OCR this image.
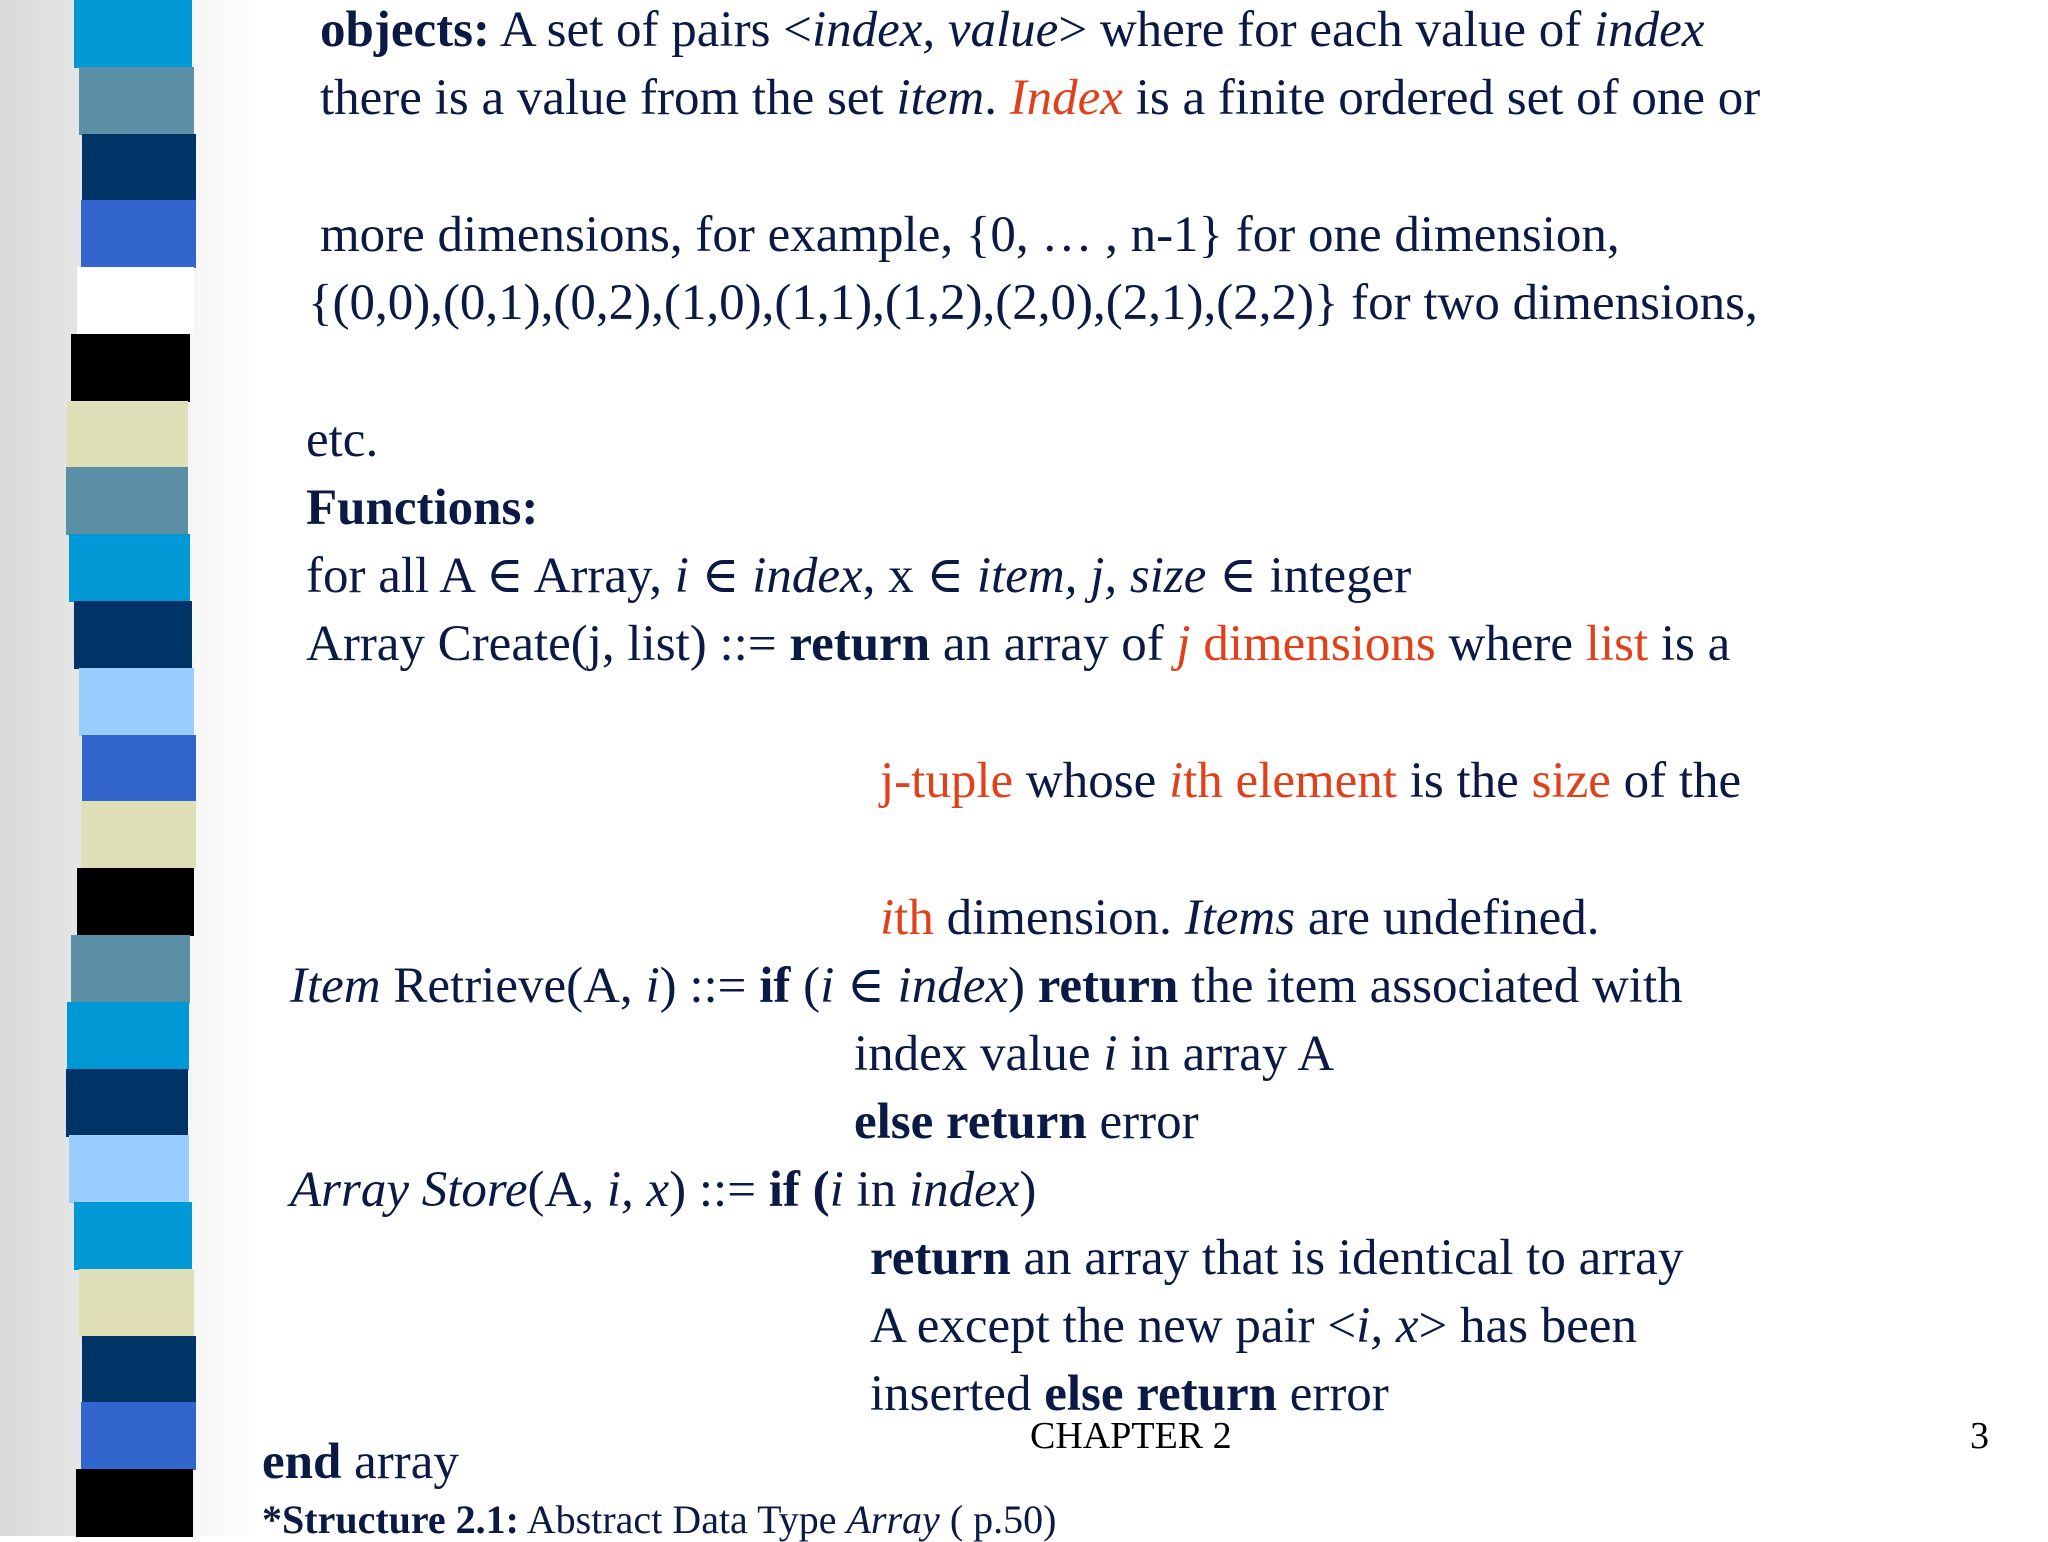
objects: A set of pairs <index, value> where for each value of index
there is a value from the set item. Index is a finite ordered set of one or
more dimensions, for example, {0, … , n-1} for one dimension,
{(0,0),(0,1),(0,2),(1,0),(1,1),(1,2),(2,0),(2,1),(2,2)} for two dimensions,
etc.
Functions:
for all A ∈ Array, i ∈ index, x ∈ item, j, size ∈ integer
Array Create(j, list) ::= return an array of j dimensions where list is a
j-tuple whose ith element is the size of the
ith dimension. Items are undefined.
Item Retrieve(A, i) ::= if (i ∈ index) return the item associated with
index value i in array A
else return error
Array Store(A, i, x) ::= if (i in index)
return an array that is identical to array
A except the new pair <i, x> has been
inserted else return error
end array	CHAPTER 2	3
*Structure 2.1: Abstract Data Type Array ( p.50)
